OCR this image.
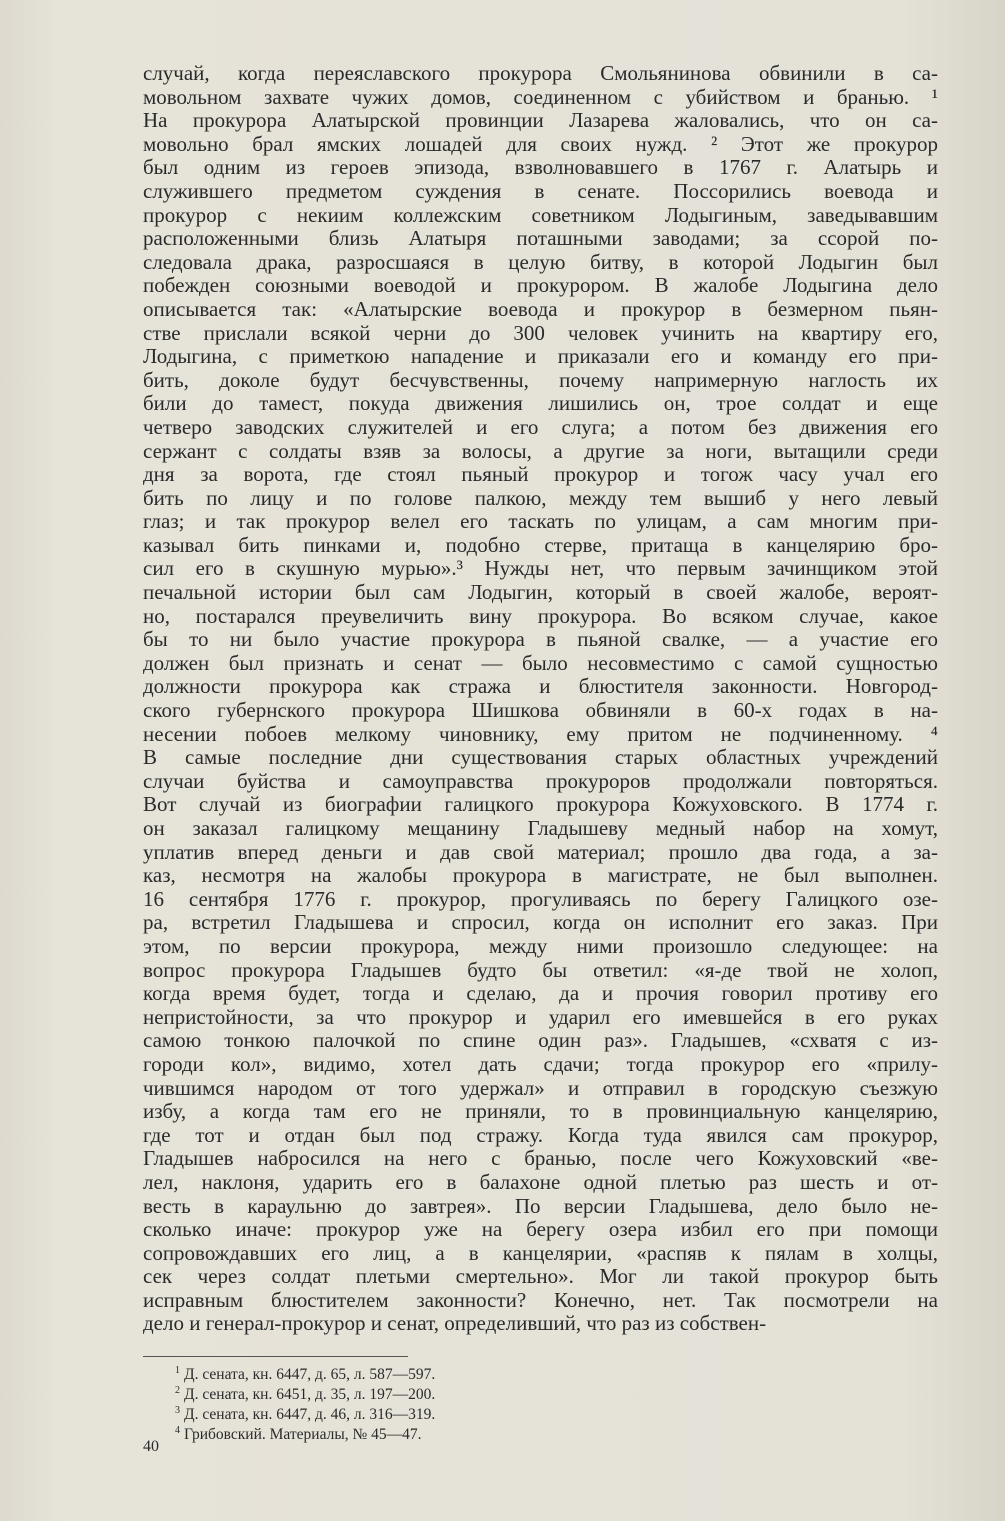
случай, когда переяславского прокурора Смольянинова обвинили в са-
мовольном захвате чужих домов, соединенном с убийством и бранью. ¹
На прокурора Алатырской провинции Лазарева жаловались, что он са-
мовольно брал ямских лошадей для своих нужд. ² Этот же прокурор
был одним из героев эпизода, взволновавшего в 1767 г. Алатырь и
служившего предметом суждения в сенате. Поссорились воевода и
прокурор с некиим коллежским советником Лодыгиным, заведывавшим
расположенными близь Алатыря поташными заводами; за ссорой по-
следовала драка, разросшаяся в целую битву, в которой Лодыгин был
побежден союзными воеводой и прокурором. В жалобе Лодыгина дело
описывается так: «Алатырские воевода и прокурор в безмерном пьян-
стве прислали всякой черни до 300 человек учинить на квартиру его,
Лодыгина, с приметкою нападение и приказали его и команду его при-
бить, доколе будут бесчувственны, почему напримерную наглость их
били до тамест, покуда движения лишились он, трое солдат и еще
четверо заводских служителей и его слуга; а потом без движения его
сержант с солдаты взяв за волосы, а другие за ноги, вытащили среди
дня за ворота, где стоял пьяный прокурор и тогож часу учал его
бить по лицу и по голове палкою, между тем вышиб у него левый
глаз; и так прокурор велел его таскать по улицам, а сам многим при-
казывал бить пинками и, подобно стерве, притаща в канцелярию бро-
сил его в скушную мурью».³ Нужды нет, что первым зачинщиком этой
печальной истории был сам Лодыгин, который в своей жалобе, вероят-
но, постарался преувеличить вину прокурора. Во всяком случае, какое
бы то ни было участие прокурора в пьяной свалке, — а участие его
должен был признать и сенат — было несовместимо с самой сущностью
должности прокурора как стража и блюстителя законности. Новгород-
ского губернского прокурора Шишкова обвиняли в 60-х годах в на-
несении побоев мелкому чиновнику, ему притом не подчиненному. ⁴
В самые последние дни существования старых областных учреждений
случаи буйства и самоуправства прокуроров продолжали повторяться.
Вот случай из биографии галицкого прокурора Кожуховского. В 1774 г.
он заказал галицкому мещанину Гладышеву медный набор на хомут,
уплатив вперед деньги и дав свой материал; прошло два года, а за-
каз, несмотря на жалобы прокурора в магистрате, не был выполнен.
16 сентября 1776 г. прокурор, прогуливаясь по берегу Галицкого озе-
ра, встретил Гладышева и спросил, когда он исполнит его заказ. При
этом, по версии прокурора, между ними произошло следующее: на
вопрос прокурора Гладышев будто бы ответил: «я-де твой не холоп,
когда время будет, тогда и сделаю, да и прочия говорил противу его
непристойности, за что прокурор и ударил его имевшейся в его руках
самою тонкою палочкой по спине один раз». Гладышев, «схватя с из-
городи кол», видимо, хотел дать сдачи; тогда прокурор его «прилу-
чившимся народом от того удержал» и отправил в городскую съезжую
избу, а когда там его не приняли, то в провинциальную канцелярию,
где тот и отдан был под стражу. Когда туда явился сам прокурор,
Гладышев набросился на него с бранью, после чего Кожуховский «ве-
лел, наклоня, ударить его в балахоне одной плетью раз шесть и от-
весть в караульню до завтрея». По версии Гладышева, дело было не-
сколько иначе: прокурор уже на берегу озера избил его при помощи
сопровождавших его лиц, а в канцелярии, «распяв к пялам в холцы,
сек через солдат плетьми смертельно». Мог ли такой прокурор быть
исправным блюстителем законности? Конечно, нет. Так посмотрели на
дело и генерал-прокурор и сенат, определивший, что раз из собствен-
$^1$ Д. сената, кн. 6447, д. 65, л. 587—597.
$^2$ Д. сената, кн. 6451, д. 35, л. 197—200.
$^3$ Д. сената, кн. 6447, д. 46, л. 316—319.
$^4$ Грибовский. Материалы, № 45—47.
40
